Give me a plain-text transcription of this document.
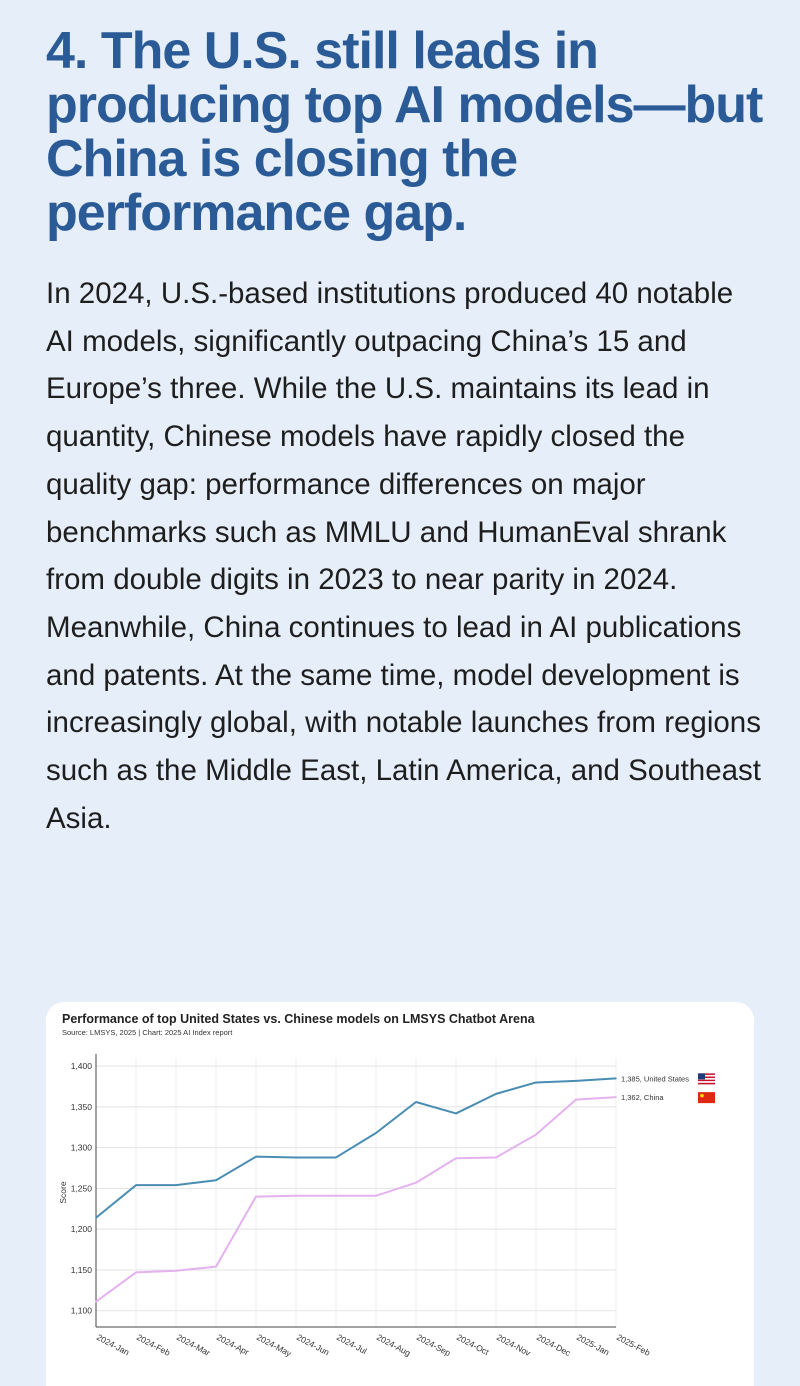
4. The U.S. still leads in producing top AI models—but China is closing the performance gap.

In 2024, U.S.-based institutions produced 40 notable AI models, significantly outpacing China’s 15 and Europe’s three. While the U.S. maintains its lead in quantity, Chinese models have rapidly closed the quality gap: performance differences on major benchmarks such as MMLU and HumanEval shrank from double digits in 2023 to near parity in 2024. Meanwhile, China continues to lead in AI publications and patents. At the same time, model development is increasingly global, with notable launches from regions such as the Middle East, Latin America, and Southeast Asia.

Performance of top United States vs. Chinese models on LMSYS Chatbot Arena

Source: LMSYS, 2025 | Chart: 2025 AI Index report

1,100
1,150
1,200
1,250
1,300
1,350
1,400
2024-Jan 2024-Feb 2024-Mar 2024-Apr 2024-May 2024-Jun 2024-Jul 2024-Aug 2024-Sep 2024-Oct 2024-Nov 2024-Dec 2025-Jan 2025-Feb
Score
1,385, United States
1,362, China
